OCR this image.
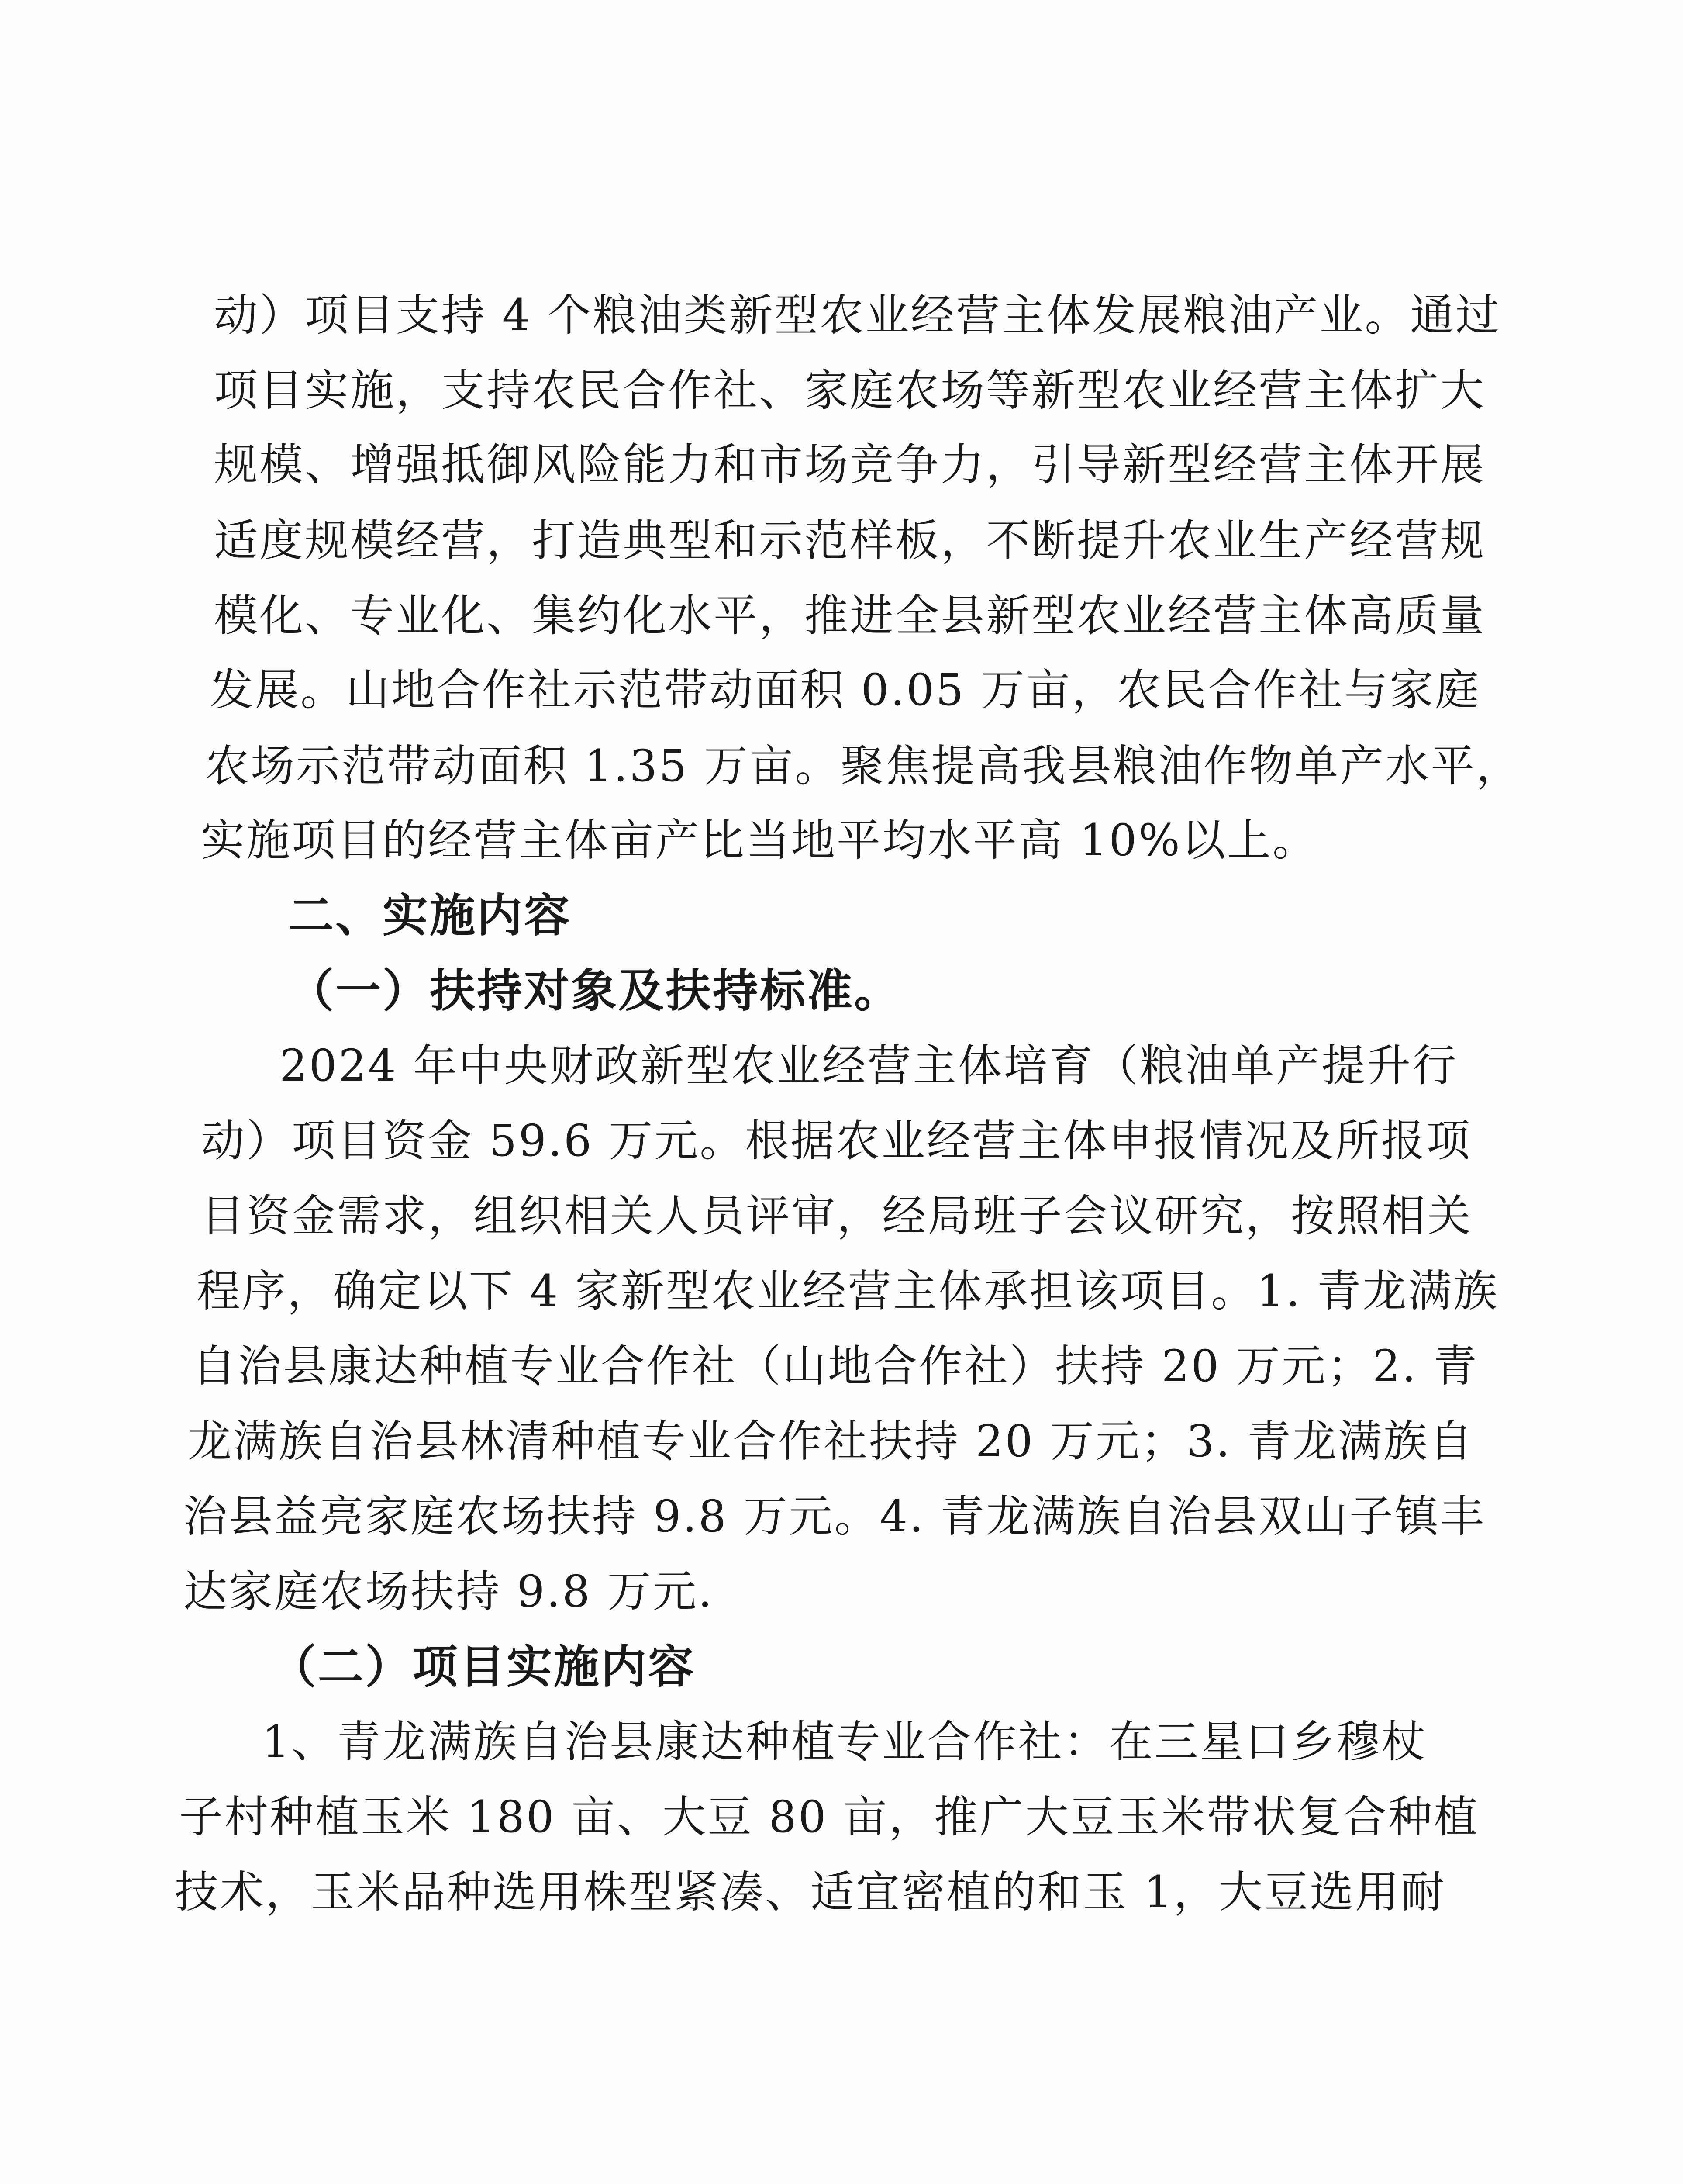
动）项目支持 4 个粮油类新型农业经营主体发展粮油产业。通过
项目实施，支持农民合作社、家庭农场等新型农业经营主体扩大
规模、增强抵御风险能力和市场竞争力，引导新型经营主体开展
适度规模经营，打造典型和示范样板，不断提升农业生产经营规
模化、专业化、集约化水平，推进全县新型农业经营主体高质量
发展。山地合作社示范带动面积 0.05 万亩，农民合作社与家庭
农场示范带动面积 1.35 万亩。聚焦提高我县粮油作物单产水平，
实施项目的经营主体亩产比当地平均水平高 10%以上。
二、实施内容
（一）扶持对象及扶持标准。
2024 年中央财政新型农业经营主体培育（粮油单产提升行
动）项目资金 59.6 万元。根据农业经营主体申报情况及所报项
目资金需求，组织相关人员评审，经局班子会议研究，按照相关
程序，确定以下 4 家新型农业经营主体承担该项目。1. 青龙满族
自治县康达种植专业合作社（山地合作社）扶持 20 万元；2. 青
龙满族自治县林清种植专业合作社扶持 20 万元；3. 青龙满族自
治县益亮家庭农场扶持 9.8 万元。4. 青龙满族自治县双山子镇丰
达家庭农场扶持 9.8 万元.
（二）项目实施内容
1、青龙满族自治县康达种植专业合作社：在三星口乡穆杖
子村种植玉米 180 亩、大豆 80 亩，推广大豆玉米带状复合种植
技术，玉米品种选用株型紧凑、适宜密植的和玉 1，大豆选用耐
